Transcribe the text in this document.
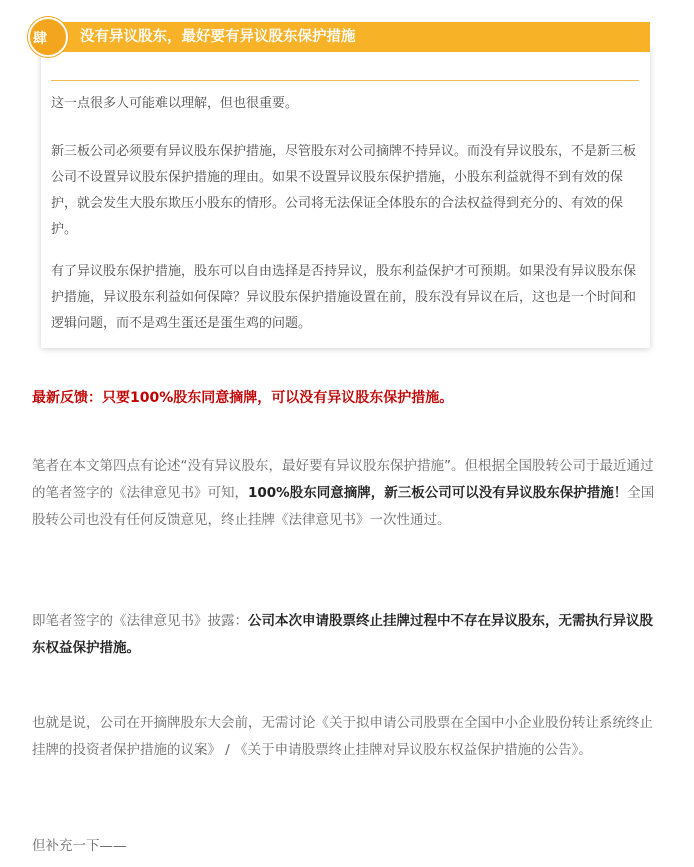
没有异议股东，最好要有异议股东保护措施
肆
这一点很多人可能难以理解，但也很重要。
新三板公司必须要有异议股东保护措施，尽管股东对公司摘牌不持异议。而没有异议股东，不是新三板公司不设置异议股东保护措施的理由。如果不设置异议股东保护措施，小股东利益就得不到有效的保护，就会发生大股东欺压小股东的情形。公司将无法保证全体股东的合法权益得到充分的、有效的保护。
有了异议股东保护措施，股东可以自由选择是否持异议，股东利益保护才可预期。如果没有异议股东保护措施，异议股东利益如何保障？异议股东保护措施设置在前，股东没有异议在后，这也是一个时间和逻辑问题，而不是鸡生蛋还是蛋生鸡的问题。
最新反馈：只要100%股东同意摘牌，可以没有异议股东保护措施。
笔者在本文第四点有论述“没有异议股东，最好要有异议股东保护措施”。但根据全国股转公司于最近通过的笔者签字的《法律意见书》可知，100%股东同意摘牌，新三板公司可以没有异议股东保护措施！全国股转公司也没有任何反馈意见，终止挂牌《法律意见书》一次性通过。
即笔者签字的《法律意见书》披露：公司本次申请股票终止挂牌过程中不存在异议股东，无需执行异议股东权益保护措施。
也就是说，公司在开摘牌股东大会前，无需讨论《关于拟申请公司股票在全国中小企业股份转让系统终止挂牌的投资者保护措施的议案》 / 《关于申请股票终止挂牌对异议股东权益保护措施的公告》。
但补充一下——
